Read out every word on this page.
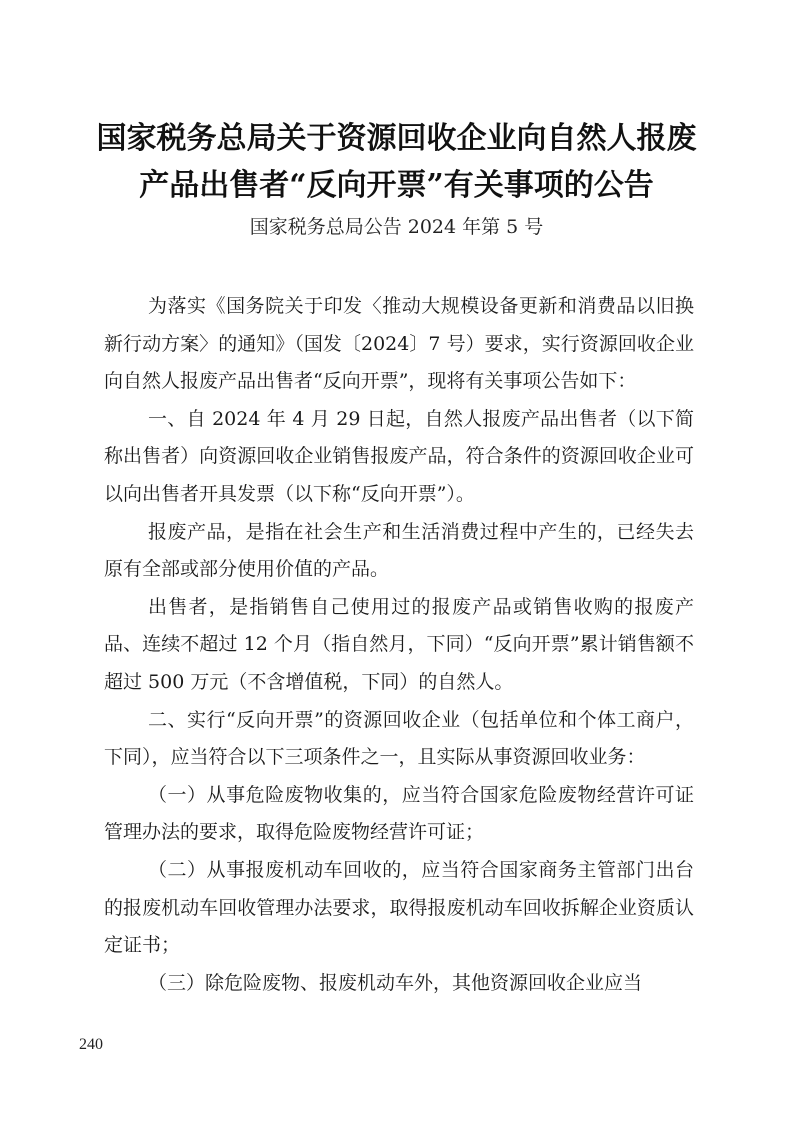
国家税务总局关于资源回收企业向自然人报废
产品出售者“反向开票”有关事项的公告
国家税务总局公告 2024 年第 5 号

为落实《国务院关于印发〈推动大规模设备更新和消费品以旧换新行动方案〉的通知》（国发〔2024〕7 号）要求，实行资源回收企业向自然人报废产品出售者“反向开票”，现将有关事项公告如下：

一、自 2024 年 4 月 29 日起，自然人报废产品出售者（以下简称出售者）向资源回收企业销售报废产品，符合条件的资源回收企业可以向出售者开具发票（以下称“反向开票”）。

报废产品，是指在社会生产和生活消费过程中产生的，已经失去原有全部或部分使用价值的产品。

出售者，是指销售自己使用过的报废产品或销售收购的报废产品、连续不超过 12 个月（指自然月，下同）“反向开票”累计销售额不超过 500 万元（不含增值税，下同）的自然人。

二、实行“反向开票”的资源回收企业（包括单位和个体工商户，下同），应当符合以下三项条件之一，且实际从事资源回收业务：

（一）从事危险废物收集的，应当符合国家危险废物经营许可证管理办法的要求，取得危险废物经营许可证；

（二）从事报废机动车回收的，应当符合国家商务主管部门出台的报废机动车回收管理办法要求，取得报废机动车回收拆解企业资质认定证书；

（三）除危险废物、报废机动车外，其他资源回收企业应当

240
